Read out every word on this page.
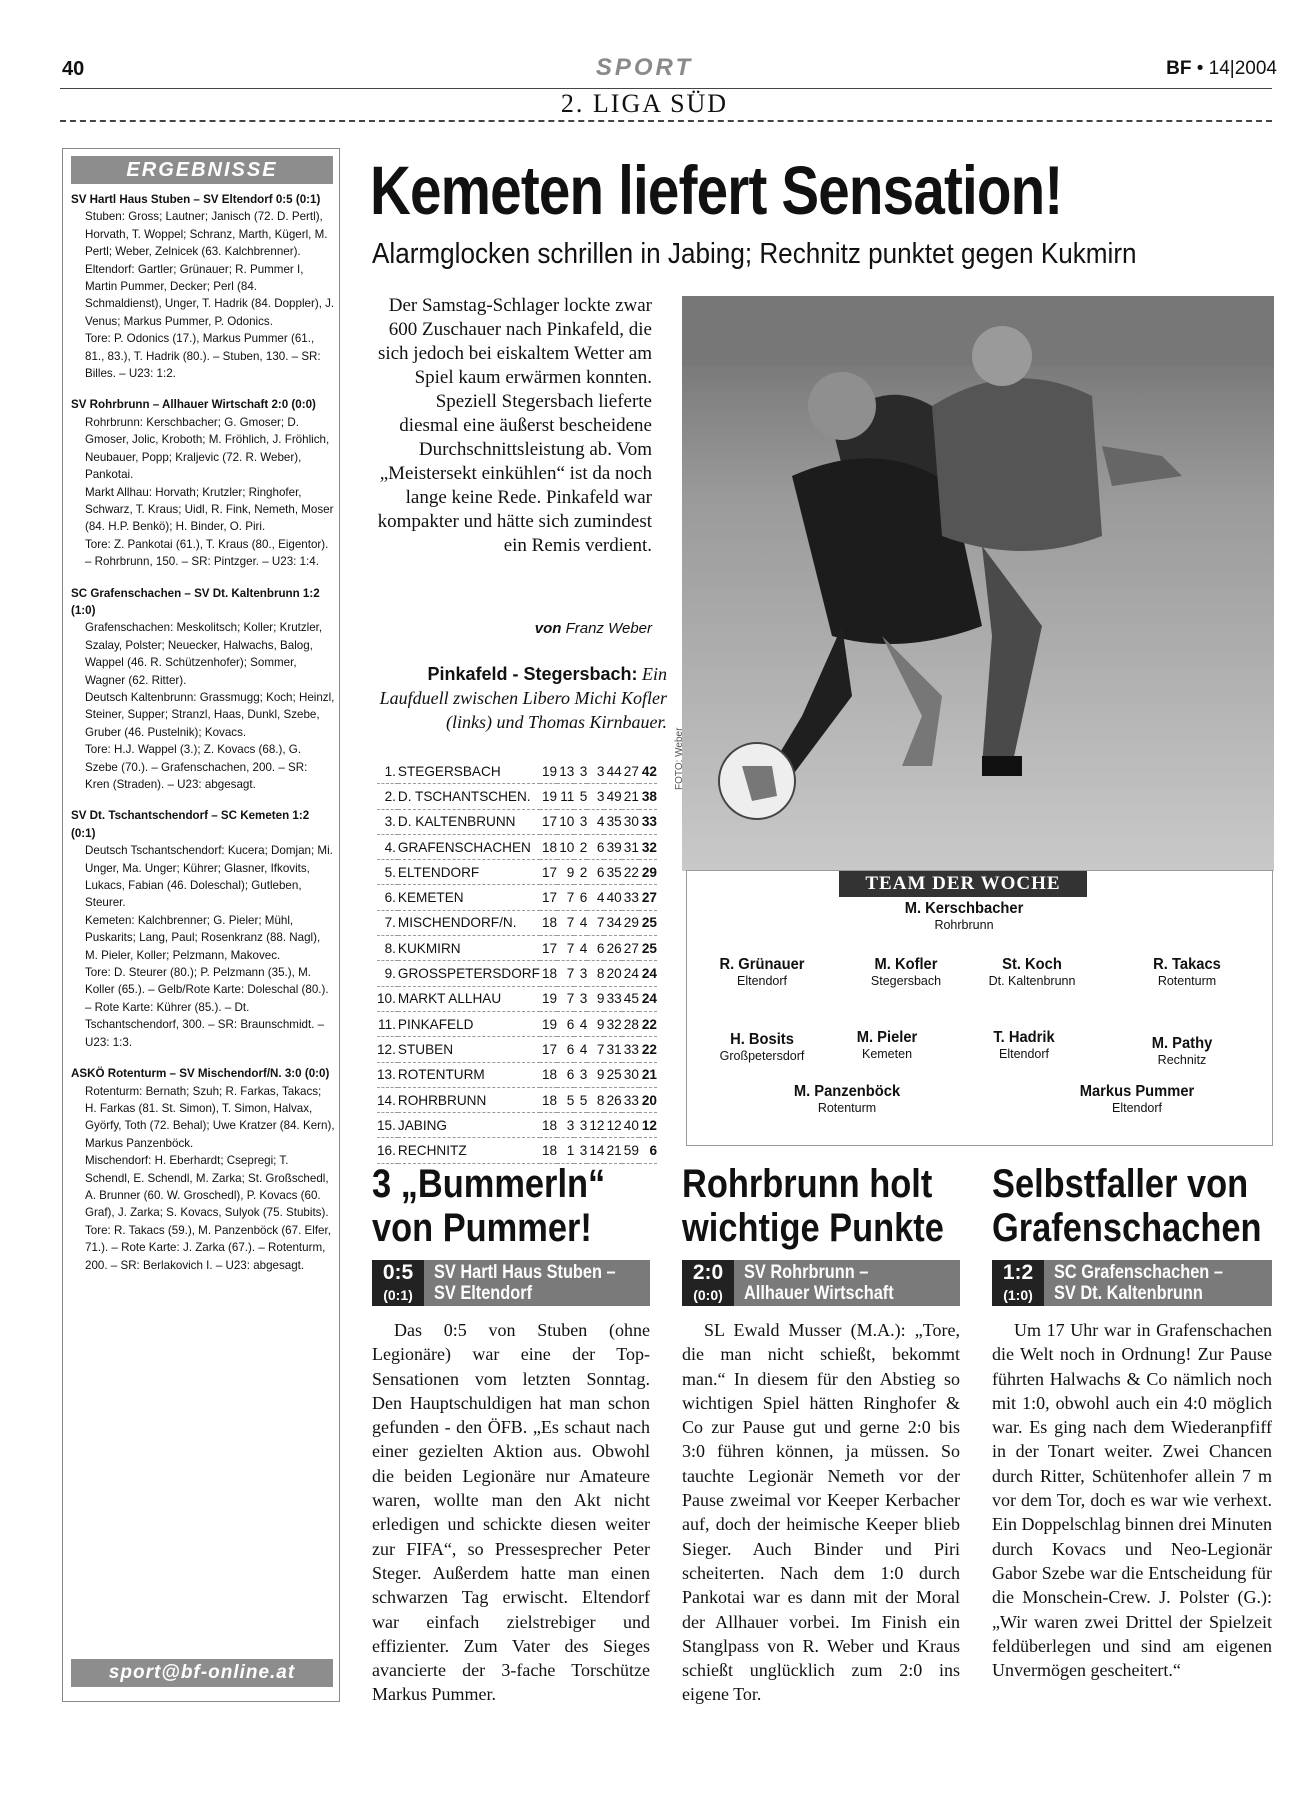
40	SPORT	BF • 14|2004
2. LIGA SÜD
ERGEBNISSE
SV Hartl Haus Stuben – SV Eltendorf 0:5 (0:1)
Stuben: Gross; Lautner; Janisch (72. D. Pertl), Horvath, T. Woppel; Schranz, Marth, Kügerl, M. Pertl; Weber, Zelnicek (63. Kalchbrenner).
Eltendorf: Gartler; Grünauer; R. Pummer I, Martin Pummer, Decker; Perl (84. Schmaldienst), Unger, T. Hadrik (84. Doppler), J. Venus; Markus Pummer, P. Odonics.
Tore: P. Odonics (17.), Markus Pummer (61., 81., 83.), T. Hadrik (80.). – Stuben, 130. – SR: Billes. – U23: 1:2.
SV Rohrbrunn – Allhauer Wirtschaft 2:0 (0:0)
Rohrbrunn: Kerschbacher; G. Gmoser; D. Gmoser, Jolic, Kroboth; M. Fröhlich, J. Fröhlich, Neubauer, Popp; Kraljevic (72. R. Weber), Pankotai.
Markt Allhau: Horvath; Krutzler; Ringhofer, Schwarz, T. Kraus; Uidl, R. Fink, Nemeth, Moser (84. H.P. Benkö); H. Binder, O. Piri.
Tore: Z. Pankotai (61.), T. Kraus (80., Eigentor). – Rohrbrunn, 150. – SR: Pintzger. – U23: 1:4.
SC Grafenschachen – SV Dt. Kaltenbrunn 1:2 (1:0)
Grafenschachen: Meskolitsch; Koller; Krutzler, Szalay, Polster; Neuecker, Halwachs, Balog, Wappel (46. R. Schützenhofer); Sommer, Wagner (62. Ritter).
Deutsch Kaltenbrunn: Grassmugg; Koch; Heinzl, Steiner, Supper; Stranzl, Haas, Dunkl, Szebe, Gruber (46. Pustelnik); Kovacs.
Tore: H.J. Wappel (3.); Z. Kovacs (68.), G. Szebe (70.). – Grafenschachen, 200. – SR: Kren (Straden). – U23: abgesagt.
SV Dt. Tschantschendorf – SC Kemeten 1:2 (0:1)
Deutsch Tschantschendorf: Kucera; Domjan; Mi. Unger, Ma. Unger; Kührer; Glasner, Ifkovits, Lukacs, Fabian (46. Doleschal); Gutleben, Steurer.
Kemeten: Kalchbrenner; G. Pieler; Mühl, Puskarits; Lang, Paul; Rosenkranz (88. Nagl), M. Pieler, Koller; Pelzmann, Makovec.
Tore: D. Steurer (80.); P. Pelzmann (35.), M. Koller (65.). – Gelb/Rote Karte: Doleschal (80.). – Rote Karte: Kührer (85.). – Dt. Tschantschendorf, 300. – SR: Braunschmidt. – U23: 1:3.
ASKÖ Rotenturm – SV Mischendorf/N. 3:0 (0:0)
Rotenturm: Bernath; Szuh; R. Farkas, Takacs; H. Farkas (81. St. Simon), T. Simon, Halvax, Györfy, Toth (72. Behal); Uwe Kratzer (84. Kern), Markus Panzenböck.
Mischendorf: H. Eberhardt; Csepregi; T. Schendl, E. Schendl, M. Zarka; St. Großschedl, A. Brunner (60. W. Groschedl), P. Kovacs (60. Graf), J. Zarka; S. Kovacs, Sulyok (75. Stubits).
Tore: R. Takacs (59.), M. Panzenböck (67. Elfer, 71.). – Rote Karte: J. Zarka (67.). – Rotenturm, 200. – SR: Berlakovich I. – U23: abgesagt.
sport@bf-online.at
Kemeten liefert Sensation!
Alarmglocken schrillen in Jabing; Rechnitz punktet gegen Kukmirn
Der Samstag-Schlager lockte zwar 600 Zuschauer nach Pinkafeld, die sich jedoch bei eiskaltem Wetter am Spiel kaum erwärmen konnten. Speziell Stegersbach lieferte diesmal eine äußerst bescheidene Durchschnittsleistung ab. Vom „Meistersekt einkühlen“ ist da noch lange keine Rede. Pinkafeld war kompakter und hätte sich zumindest ein Remis verdient.
von Franz Weber
Pinkafeld - Stegersbach: Ein Laufduell zwischen Libero Michi Kofler (links) und Thomas Kirnbauer.
1.	STEGERSBACH	19	13	3	3	44	27	42
2.	D. TSCHANTSCHEN.	19	11	5	3	49	21	38
3.	D. KALTENBRUNN	17	10	3	4	35	30	33
4.	GRAFENSCHACHEN	18	10	2	6	39	31	32
5.	ELTENDORF	17	9	2	6	35	22	29
6.	KEMETEN	17	7	6	4	40	33	27
7.	MISCHENDORF/N.	18	7	4	7	34	29	25
8.	KUKMIRN	17	7	4	6	26	27	25
9.	GROSSPETERSDORF	18	7	3	8	20	24	24
10.	MARKT ALLHAU	19	7	3	9	33	45	24
11.	PINKAFELD	19	6	4	9	32	28	22
12.	STUBEN	17	6	4	7	31	33	22
13.	ROTENTURM	18	6	3	9	25	30	21
14.	ROHRBRUNN	18	5	5	8	26	33	20
15.	JABING	18	3	3	12	12	40	12
16.	RECHNITZ	18	1	3	14	21	59	6
FOTO: Weber
TEAM DER WOCHE
M. Kerschbacher
Rohrbrunn
R. Grünauer
Eltendorf
M. Kofler
Stegersbach
St. Koch
Dt. Kaltenbrunn
R. Takacs
Rotenturm
H. Bosits
Großpetersdorf
M. Pieler
Kemeten
T. Hadrik
Eltendorf
M. Pathy
Rechnitz
M. Panzenböck
Rotenturm
Markus Pummer
Eltendorf
3 „Bummerln“
von Pummer!
0:5
(0:1)
SV Hartl Haus Stuben –
SV Eltendorf
Das 0:5 von Stuben (ohne Legionäre) war eine der Top-Sensationen vom letzten Sonntag. Den Hauptschuldigen hat man schon gefunden - den ÖFB. „Es schaut nach einer gezielten Aktion aus. Obwohl die beiden Legionäre nur Amateure waren, wollte man den Akt nicht erledigen und schickte diesen weiter zur FIFA“, so Pressesprecher Peter Steger. Außerdem hatte man einen schwarzen Tag erwischt. Eltendorf war einfach zielstrebiger und effizienter. Zum Vater des Sieges avancierte der 3-fache Torschütze Markus Pummer.
Rohrbrunn holt
wichtige Punkte
2:0
(0:0)
SV Rohrbrunn –
Allhauer Wirtschaft
SL Ewald Musser (M.A.): „Tore, die man nicht schießt, bekommt man.“ In diesem für den Abstieg so wichtigen Spiel hätten Ringhofer & Co zur Pause gut und gerne 2:0 bis 3:0 führen können, ja müssen. So tauchte Legionär Nemeth vor der Pause zweimal vor Keeper Kerbacher auf, doch der heimische Keeper blieb Sieger. Auch Binder und Piri scheiterten. Nach dem 1:0 durch Pankotai war es dann mit der Moral der Allhauer vorbei. Im Finish ein Stanglpass von R. Weber und Kraus schießt unglücklich zum 2:0 ins eigene Tor.
Selbstfaller von
Grafenschachen
1:2
(1:0)
SC Grafenschachen –
SV Dt. Kaltenbrunn
Um 17 Uhr war in Grafenschachen die Welt noch in Ordnung! Zur Pause führten Halwachs & Co nämlich noch mit 1:0, obwohl auch ein 4:0 möglich war. Es ging nach dem Wiederanpfiff in der Tonart weiter. Zwei Chancen durch Ritter, Schütenhofer allein 7 m vor dem Tor, doch es war wie verhext. Ein Doppelschlag binnen drei Minuten durch Kovacs und Neo-Legionär Gabor Szebe war die Entscheidung für die Monschein-Crew. J. Polster (G.): „Wir waren zwei Drittel der Spielzeit feldüberlegen und sind am eigenen Unvermögen gescheitert.“
